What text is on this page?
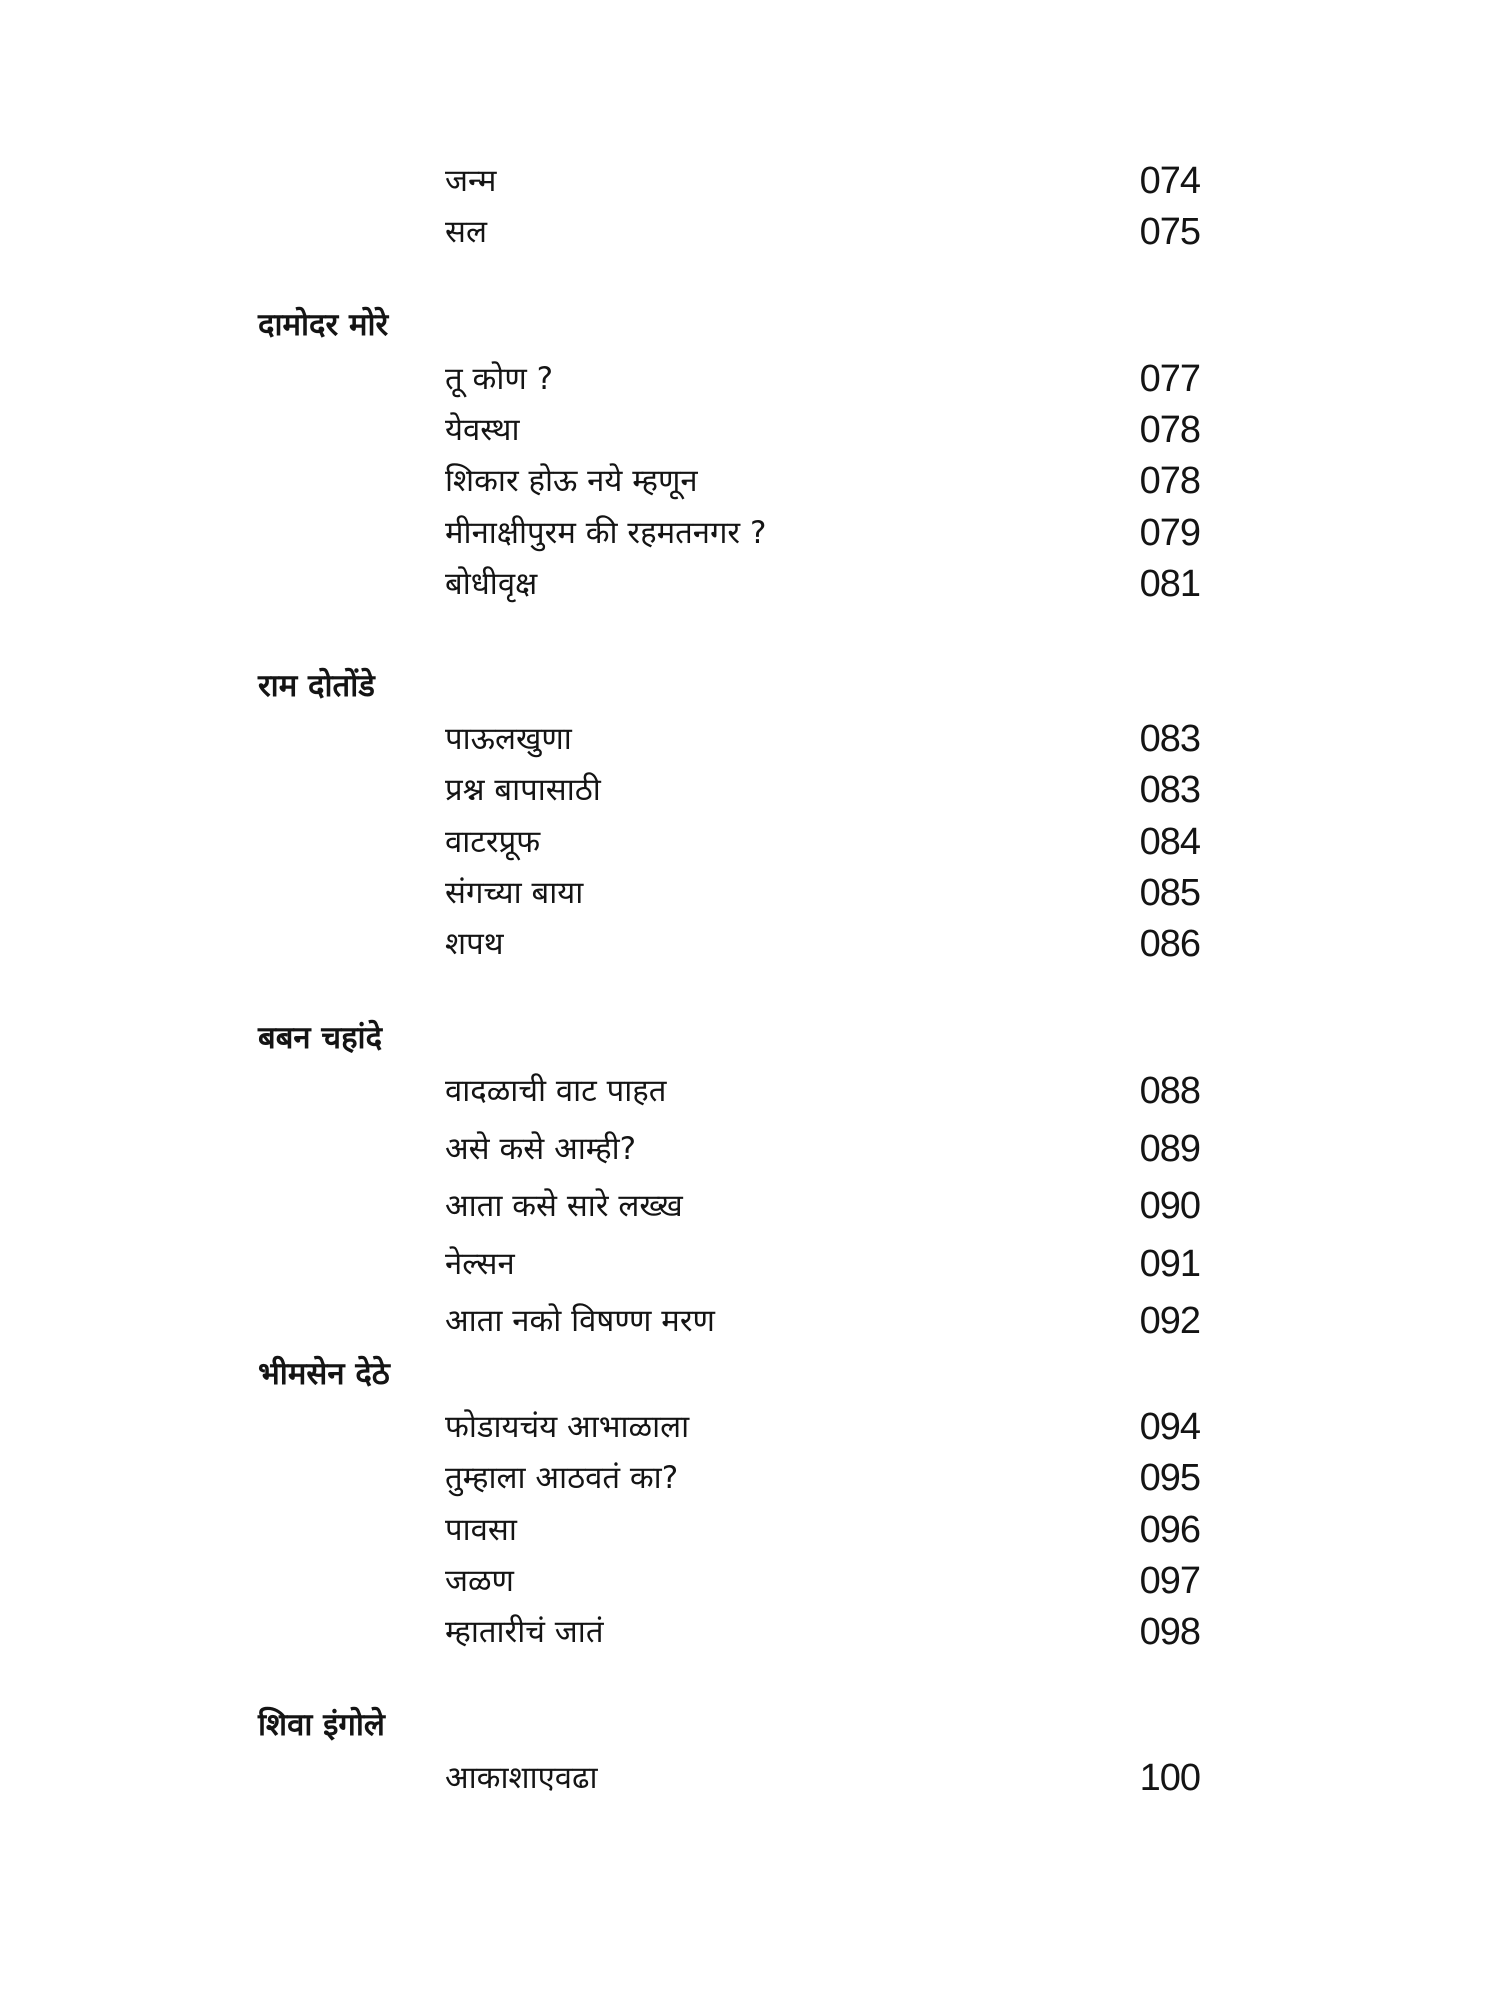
जन्म	074
सल	075
दामोदर मोरे
तू कोण ?	077
येवस्था	078
शिकार होऊ नये म्हणून	078
मीनाक्षीपुरम की रहमतनगर ?	079
बोधीवृक्ष	081
राम दोतोंडे
पाऊलखुणा	083
प्रश्न बापासाठी	083
वाटरप्रूफ	084
संगच्या बाया	085
शपथ	086
बबन चहांदे
वादळाची वाट पाहत	088
असे कसे आम्ही?	089
आता कसे सारे लख्ख	090
नेल्सन	091
आता नको विषण्ण मरण	092
भीमसेन देठे
फोडायचंय आभाळाला	094
तुम्हाला आठवतं का?	095
पावसा	096
जळण	097
म्हातारीचं जातं	098
शिवा इंगोले
आकाशाएवढा	100
